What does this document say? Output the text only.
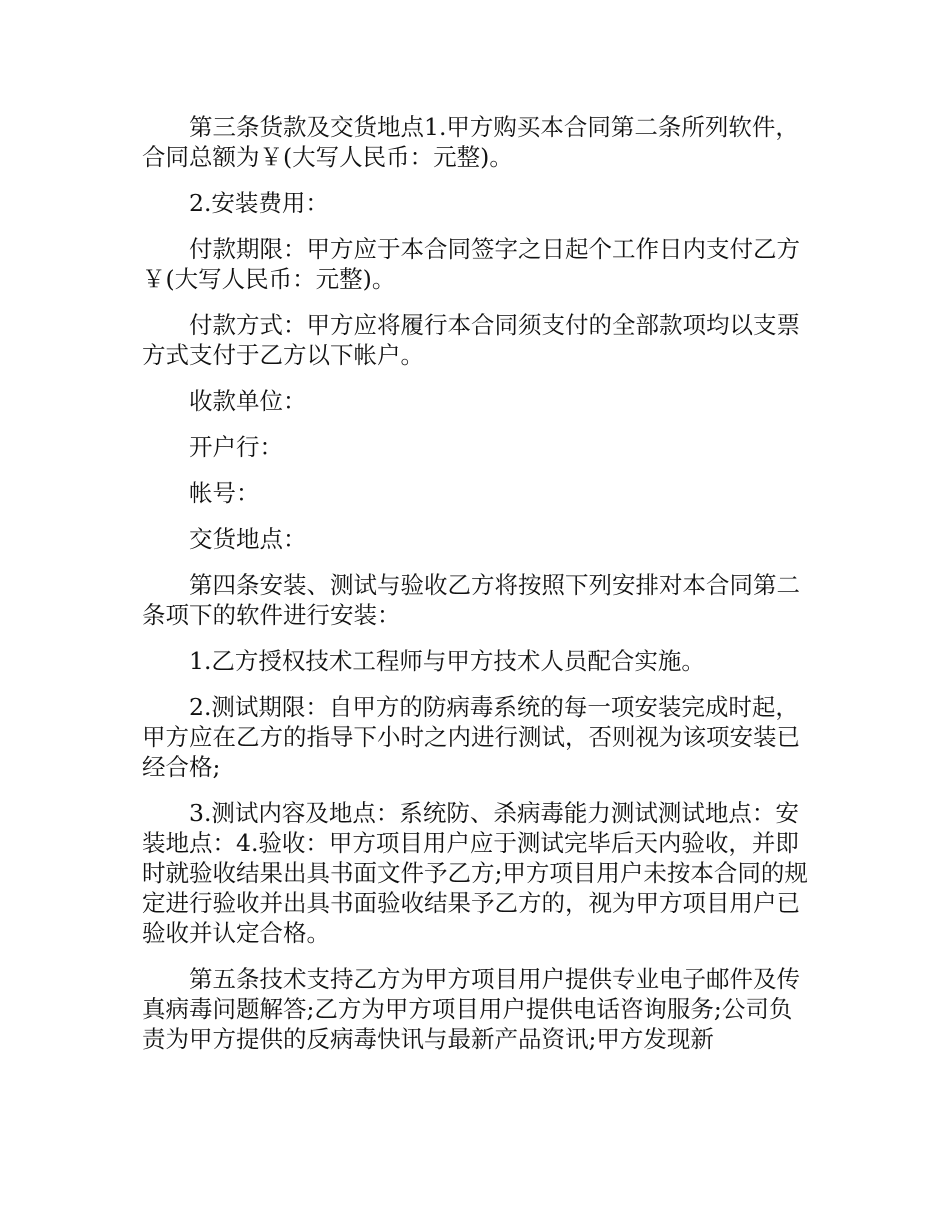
第三条货款及交货地点1.甲方购买本合同第二条所列软件，合同总额为￥(大写人民币：元整)。

2.安装费用：

付款期限：甲方应于本合同签字之日起个工作日内支付乙方￥(大写人民币：元整)。

付款方式：甲方应将履行本合同须支付的全部款项均以支票方式支付于乙方以下帐户。

收款单位：

开户行：

帐号：

交货地点：

第四条安装、测试与验收乙方将按照下列安排对本合同第二条项下的软件进行安装：

1.乙方授权技术工程师与甲方技术人员配合实施。

2.测试期限：自甲方的防病毒系统的每一项安装完成时起，甲方应在乙方的指导下小时之内进行测试，否则视为该项安装已经合格;

3.测试内容及地点：系统防、杀病毒能力测试测试地点：安装地点：4.验收：甲方项目用户应于测试完毕后天内验收，并即时就验收结果出具书面文件予乙方;甲方项目用户未按本合同的规定进行验收并出具书面验收结果予乙方的，视为甲方项目用户已验收并认定合格。

第五条技术支持乙方为甲方项目用户提供专业电子邮件及传真病毒问题解答;乙方为甲方项目用户提供电话咨询服务;公司负责为甲方提供的反病毒快讯与最新产品资讯;甲方发现新
